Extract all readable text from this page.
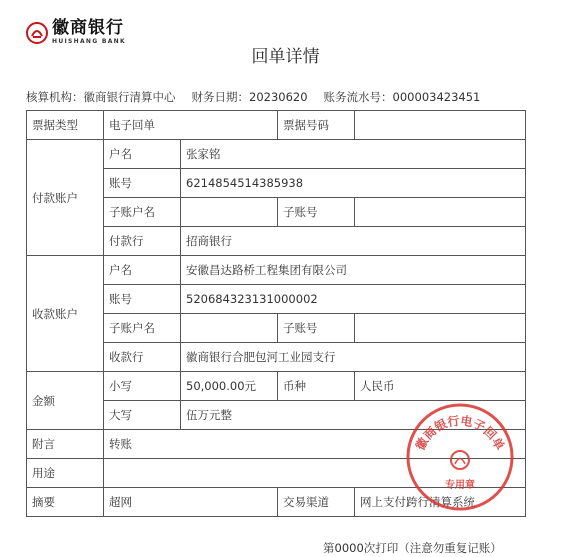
徽商银行
HUISHANG BANK
回单详情
核算机构：徽商银行清算中心 财务日期：20230620 账务流水号：000003423451
票据类型	电子回单		票据号码	
付款账户	户名	张家铭		
	账号	6214854514385938		
	子账户名		子账号	
	付款行	招商银行		
收款账户	户名	安徽昌达路桥工程集团有限公司		
	账号	520684323131000002		
	子账户名		子账号	
	收款行	徽商银行合肥包河工业园支行		
金额	小写	50,000.00元	币种	人民币
	大写	伍万元整		
附言	转账			
用途				
摘要	超网		交易渠道	网上支付跨行清算系统
徽商银行电子回单
专用章
第0000次打印（注意勿重复记账）
